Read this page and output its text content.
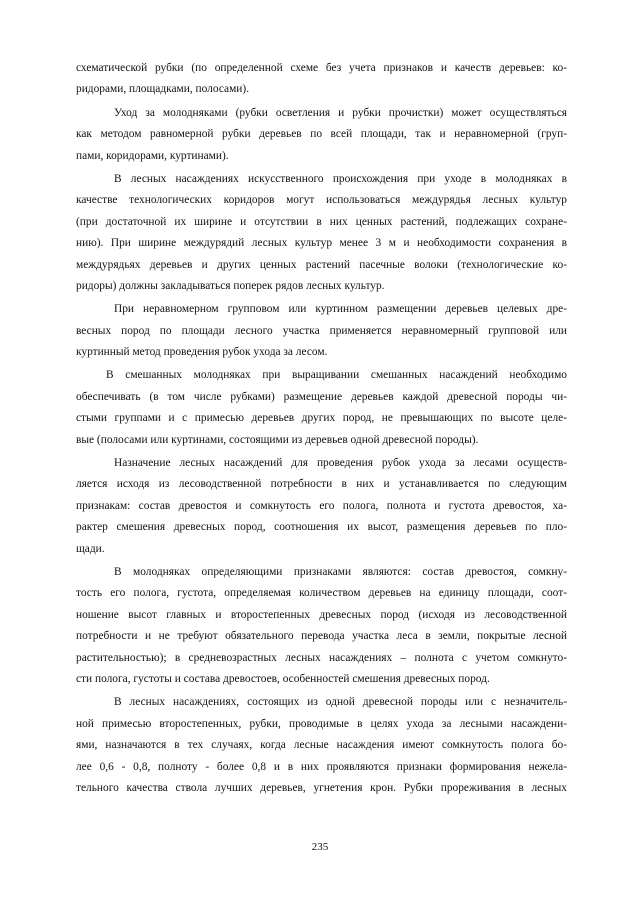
схематической рубки (по определенной схеме без учета признаков и качеств деревьев: ко-
ридорами, площадками, полосами).
Уход за молодняками (рубки осветления и рубки прочистки) может осуществляться
как методом равномерной рубки деревьев по всей площади, так и неравномерной (груп-
пами, коридорами, куртинами).
В лесных насаждениях искусственного происхождения при уходе в молодняках в
качестве технологических коридоров могут использоваться междурядья лесных культур
(при достаточной их ширине и отсутствии в них ценных растений, подлежащих сохране-
нию). При ширине междурядий лесных культур менее 3 м и необходимости сохранения в
междурядьях деревьев и других ценных растений пасечные волоки (технологические ко-
ридоры) должны закладываться поперек рядов лесных культур.
При неравномерном групповом или куртинном размещении деревьев целевых дре-
весных пород по площади лесного участка применяется неравномерный групповой или
куртинный метод проведения рубок ухода за лесом.
В смешанных молодняках при выращивании смешанных насаждений необходимо
обеспечивать (в том числе рубками) размещение деревьев каждой древесной породы чи-
стыми группами и с примесью деревьев других пород, не превышающих по высоте целе-
вые (полосами или куртинами, состоящими из деревьев одной древесной породы).
Назначение лесных насаждений для проведения рубок ухода за лесами осуществ-
ляется исходя из лесоводственной потребности в них и устанавливается по следующим
признакам: состав древостоя и сомкнутость его полога, полнота и густота древостоя, ха-
рактер смешения древесных пород, соотношения их высот, размещения деревьев по пло-
щади.
В молодняках определяющими признаками являются: состав древостоя, сомкну-
тость его полога, густота, определяемая количеством деревьев на единицу площади, соот-
ношение высот главных и второстепенных древесных пород (исходя из лесоводственной
потребности и не требуют обязательного перевода участка леса в земли, покрытые лесной
растительностью); в средневозрастных лесных насаждениях – полнота с учетом сомкнуто-
сти полога, густоты и состава древостоев, особенностей смешения древесных пород.
В лесных насаждениях, состоящих из одной древесной породы или с незначитель-
ной примесью второстепенных, рубки, проводимые в целях ухода за лесными насаждени-
ями, назначаются в тех случаях, когда лесные насаждения имеют сомкнутость полога бо-
лее 0,6 - 0,8, полноту - более 0,8 и в них проявляются признаки формирования нежела-
тельного качества ствола лучших деревьев, угнетения крон. Рубки прореживания в лесных
235
